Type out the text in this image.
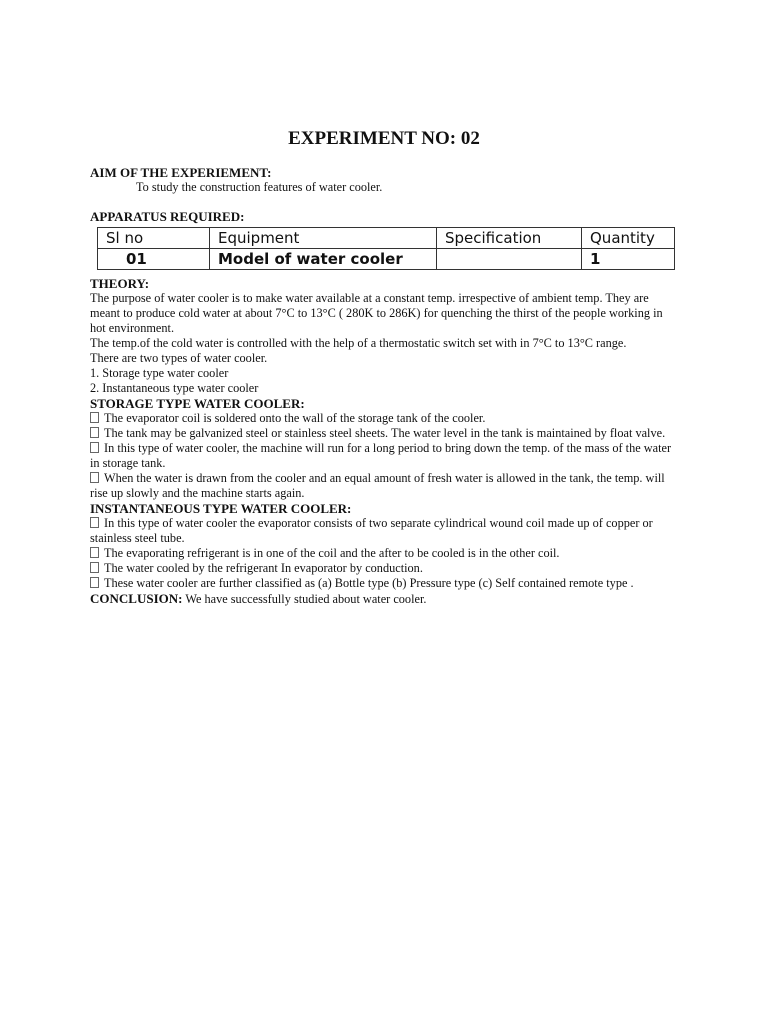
EXPERIMENT NO: 02
AIM OF THE EXPERIEMENT:
To study the construction features of water cooler.
APPARATUS REQUIRED:
Sl no	Equipment	Specification	Quantity
01	Model of water cooler		1

THEORY:

The purpose of water cooler is to make water available at a constant temp. irrespective of ambient temp. They are meant to produce cold water at about 7°C to 13°C ( 280K to 286K) for quenching the thirst of the people working in hot environment.

The temp.of the cold water is controlled with the help of a thermostatic switch set with in 7°C to 13°C range.

There are two types of water cooler.

1. Storage type water cooler

2. Instantaneous type water cooler

STORAGE TYPE WATER COOLER:

The evaporator coil is soldered onto the wall of the storage tank of the cooler.

The tank may be galvanized steel or stainless steel sheets. The water level in the tank is maintained by float valve.

In this type of water cooler, the machine will run for a long period to bring down the temp. of the mass of the water in storage tank.

When the water is drawn from the cooler and an equal amount of fresh water is allowed in the tank, the temp. will rise up slowly and the machine starts again.

INSTANTANEOUS TYPE WATER COOLER:

In this type of water cooler the evaporator consists of two separate cylindrical wound coil made up of copper or stainless steel tube.

The evaporating refrigerant is in one of the coil and the after to be cooled is in the other coil.

The water cooled by the refrigerant In evaporator by conduction.

These water cooler are further classified as (a) Bottle type (b) Pressure type (c) Self contained remote type .

CONCLUSION: We have successfully studied about water cooler.
